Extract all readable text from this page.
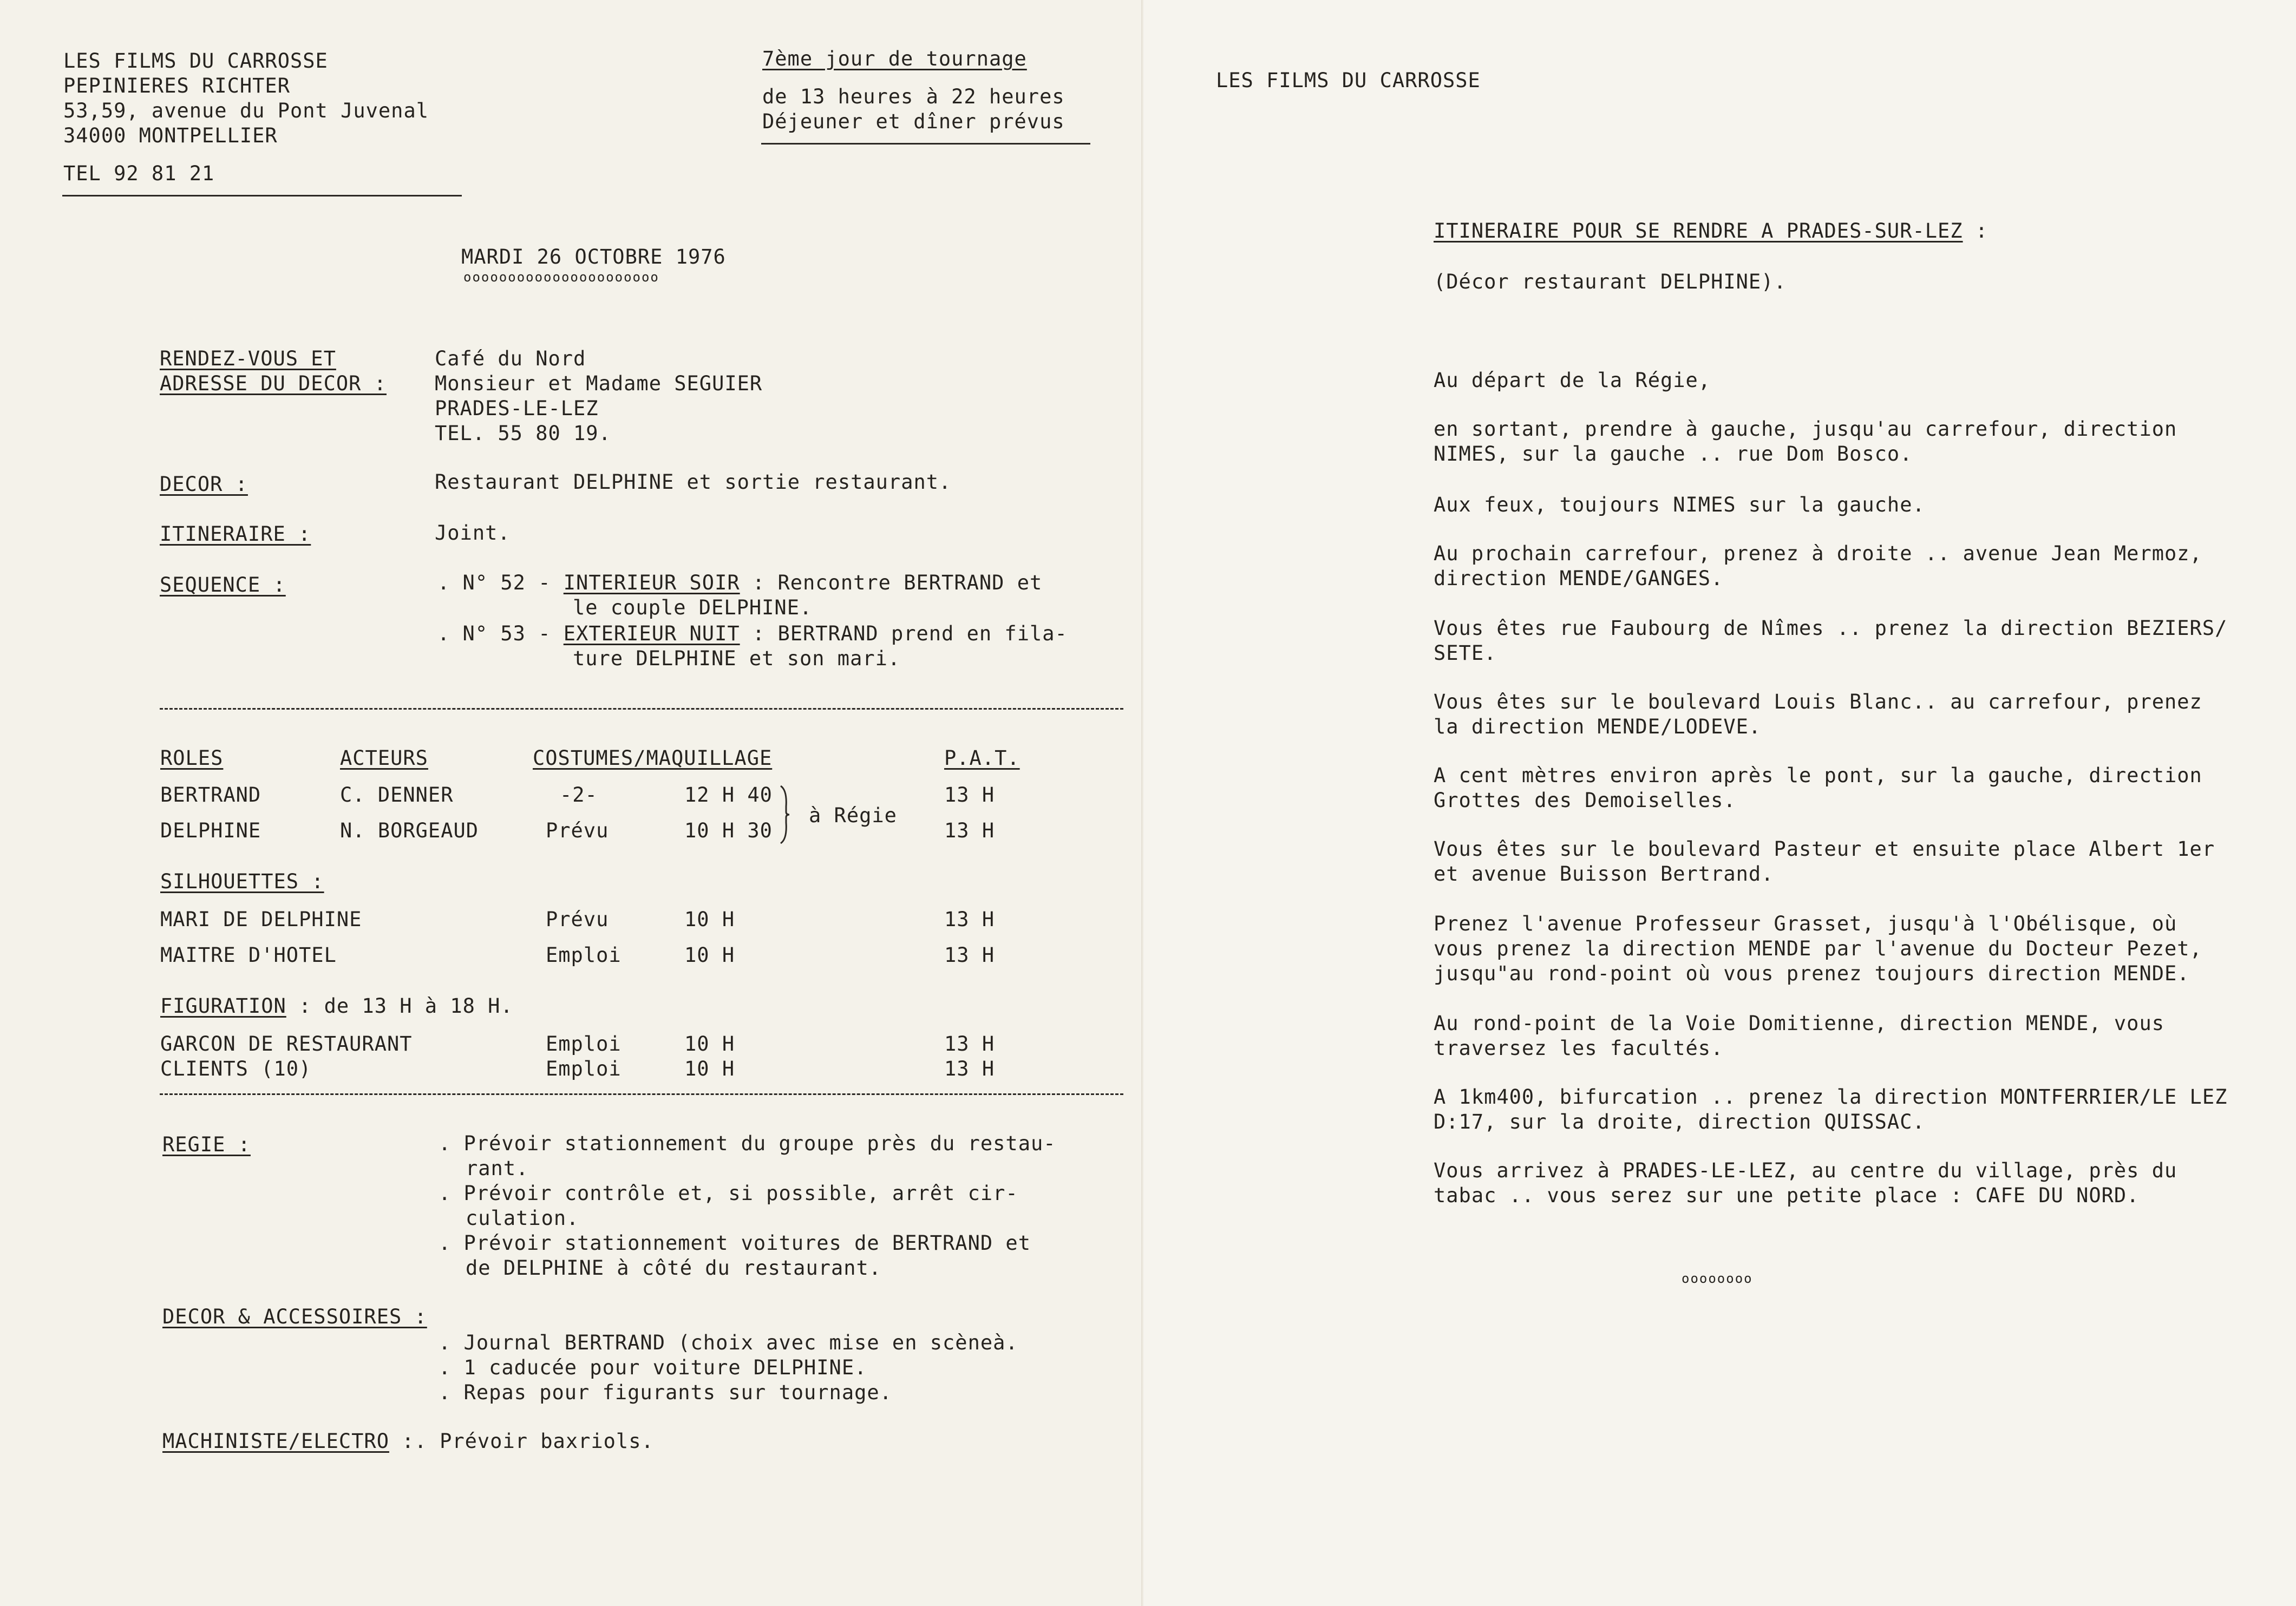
LES FILMS DU CARROSSE
PEPINIERES RICHTER
53,59, avenue du Pont Juvenal
34000 MONTPELLIER
TEL 92 81 21
7ème jour de tournage
de 13 heures à 22 heures
Déjeuner et dîner prévus
MARDI 26 OCTOBRE 1976
oooooooooooooooooooooo
RENDEZ-VOUS ET
ADRESSE DU DECOR :
Café du Nord
Monsieur et Madame SEGUIER
PRADES-LE-LEZ
TEL. 55 80 19.
DECOR :	Restaurant DELPHINE et sortie restaurant.
ITINERAIRE :	Joint.
SEQUENCE :	. N° 52 - INTERIEUR SOIR : Rencontre BERTRAND et
le couple DELPHINE.
. N° 53 - EXTERIEUR NUIT : BERTRAND prend en fila-
ture DELPHINE et son mari.
ROLES	ACTEURS	COSTUMES/MAQUILLAGE	P.A.T.
BERTRAND	C. DENNER	-2-	12 H 40	13 H
DELPHINE	N. BORGEAUD	Prévu	10 H 30	13 H
à Régie
SILHOUETTES :
MARI DE DELPHINE	Prévu	10 H	13 H
MAITRE D'HOTEL	Emploi	10 H	13 H
FIGURATION : de 13 H à 18 H.
GARCON DE RESTAURANT	Emploi	10 H	13 H
CLIENTS (10)	Emploi	10 H	13 H
REGIE :	. Prévoir stationnement du groupe près du restau-
rant.
. Prévoir contrôle et, si possible, arrêt cir-
culation.
. Prévoir stationnement voitures de BERTRAND et
de DELPHINE à côté du restaurant.
DECOR & ACCESSOIRES :
. Journal BERTRAND (choix avec mise en scèneà.
. 1 caducée pour voiture DELPHINE.
. Repas pour figurants sur tournage.
MACHINISTE/ELECTRO :. Prévoir baxriols.
LES FILMS DU CARROSSE
ITINERAIRE POUR SE RENDRE A PRADES-SUR-LEZ :
(Décor restaurant DELPHINE).
Au départ de la Régie,
en sortant, prendre à gauche, jusqu'au carrefour, direction
NIMES, sur la gauche .. rue Dom Bosco.
Aux feux, toujours NIMES sur la gauche.
Au prochain carrefour, prenez à droite .. avenue Jean Mermoz,
direction MENDE/GANGES.
Vous êtes rue Faubourg de Nîmes .. prenez la direction BEZIERS/
SETE.
Vous êtes sur le boulevard Louis Blanc.. au carrefour, prenez
la direction MENDE/LODEVE.
A cent mètres environ après le pont, sur la gauche, direction
Grottes des Demoiselles.
Vous êtes sur le boulevard Pasteur et ensuite place Albert 1er
et avenue Buisson Bertrand.
Prenez l'avenue Professeur Grasset, jusqu'à l'Obélisque, où
vous prenez la direction MENDE par l'avenue du Docteur Pezet,
jusqu"au rond-point où vous prenez toujours direction MENDE.
Au rond-point de la Voie Domitienne, direction MENDE, vous
traversez les facultés.
A 1km400, bifurcation .. prenez la direction MONTFERRIER/LE LEZ
D:17, sur la droite, direction QUISSAC.
Vous arrivez à PRADES-LE-LEZ, au centre du village, près du
tabac .. vous serez sur une petite place : CAFE DU NORD.
oooooooo
